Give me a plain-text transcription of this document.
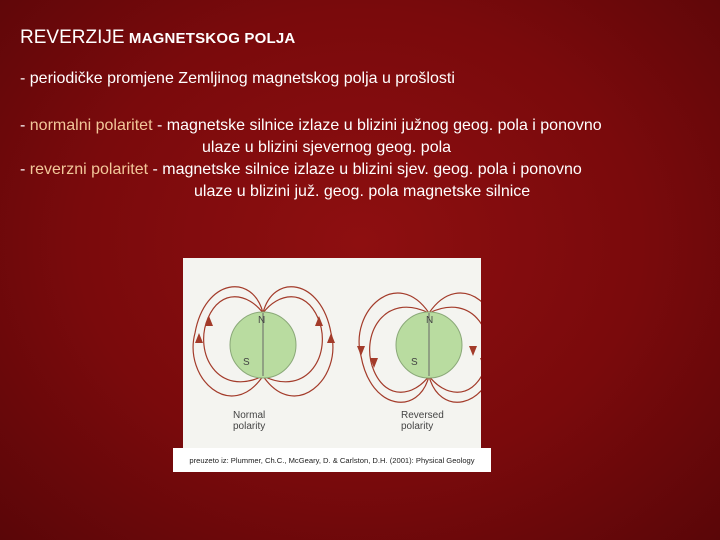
REVERZIJE MAGNETSKOG POLJA
- periodičke promjene Zemljinog magnetskog polja u prošlosti
- normalni polaritet - magnetske silnice izlaze u blizini južnog geog. pola i ponovno
ulaze u blizini sjevernog geog. pola
- reverzni polaritet - magnetske silnice izlaze u blizini sjev. geog. pola i ponovno
ulaze u blizini juž. geog. pola magnetske silnice
N
S
Normal
polarity
N
S
Reversed
polarity
preuzeto iz: Plummer, Ch.C., McGeary, D. & Carlston, D.H. (2001): Physical Geology
